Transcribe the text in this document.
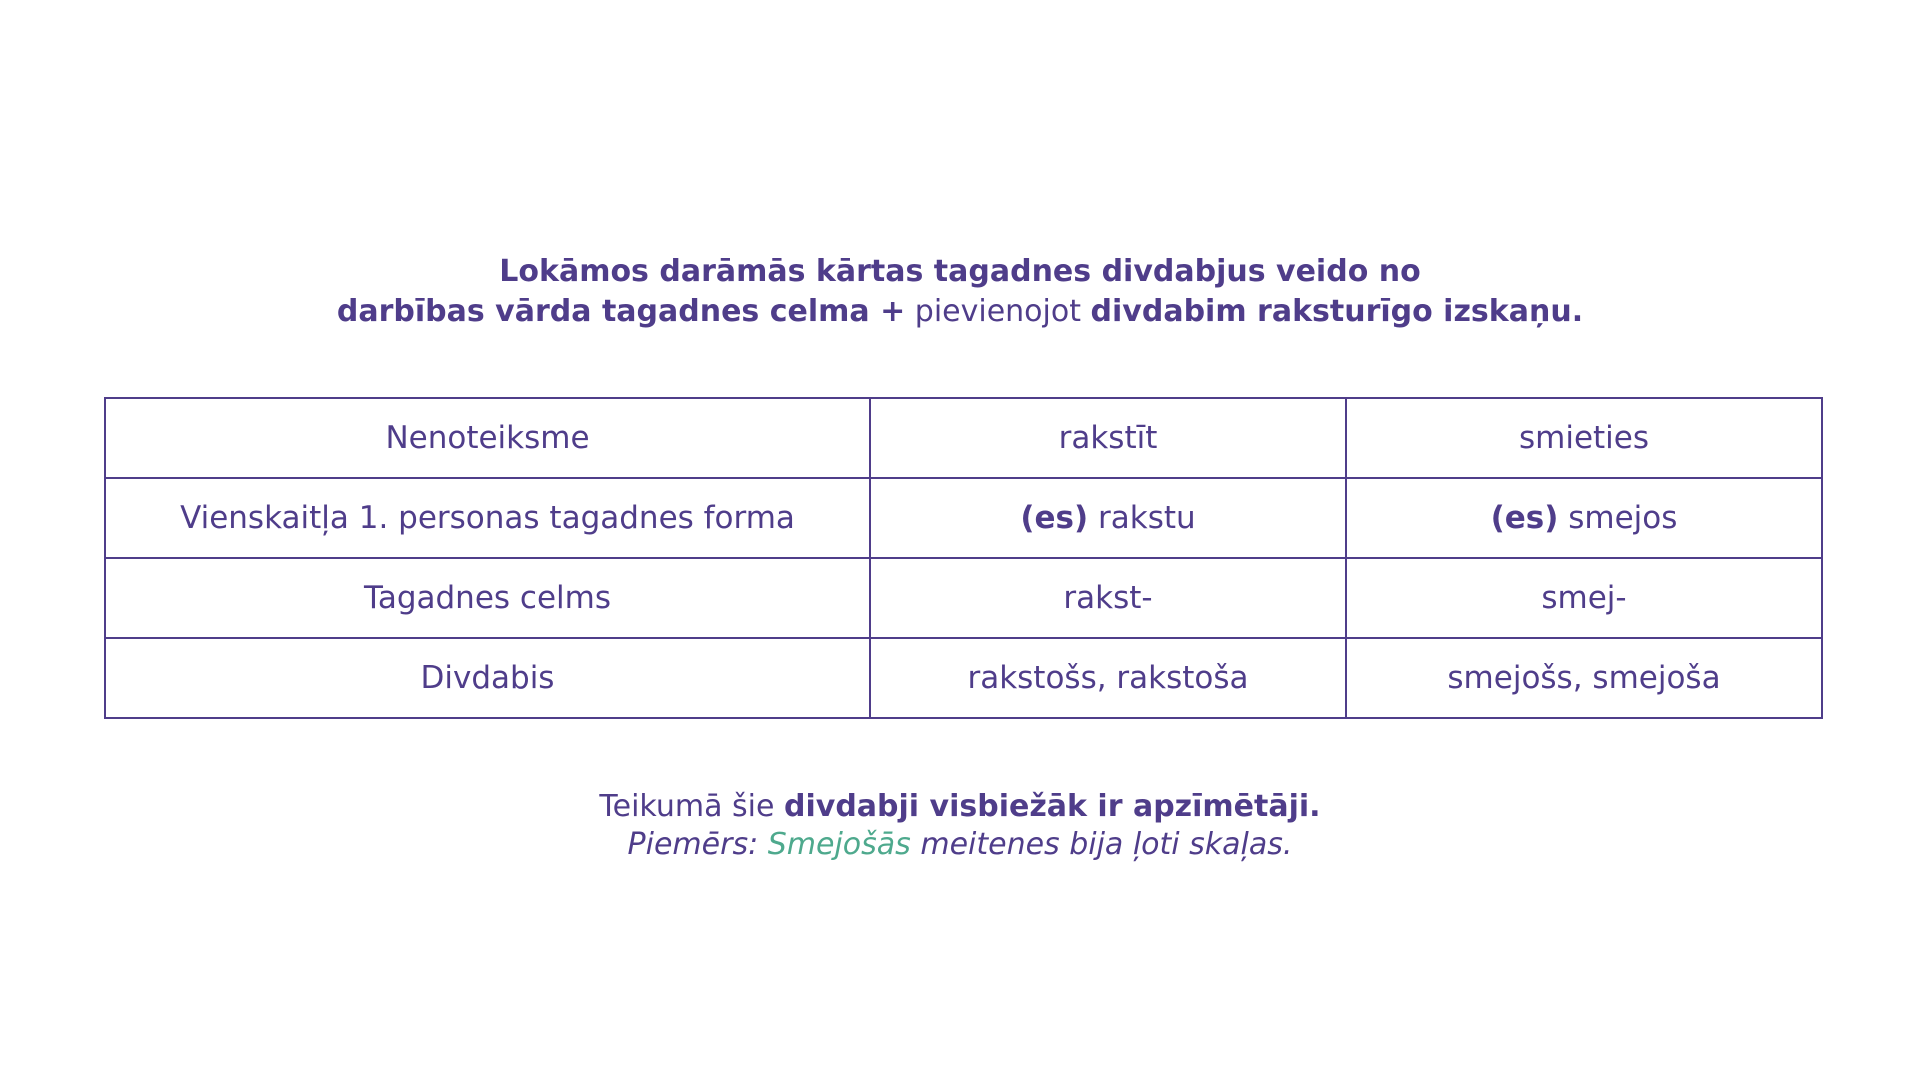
Lokāmos darāmās kārtas tagadnes divdabjus veido no
darbības vārda tagadnes celma + pievienojot divdabim raksturīgo izskaņu.
Nenoteiksme	rakstīt	smieties
Vienskaitļa 1. personas tagadnes forma	(es) rakstu	(es) smejos
Tagadnes celms	rakst-	smej-
Divdabis	rakstošs, rakstoša	smejošs, smejoša
Teikumā šie divdabji visbiežāk ir apzīmētāji.
Piemērs: Smejošās meitenes bija ļoti skaļas.
